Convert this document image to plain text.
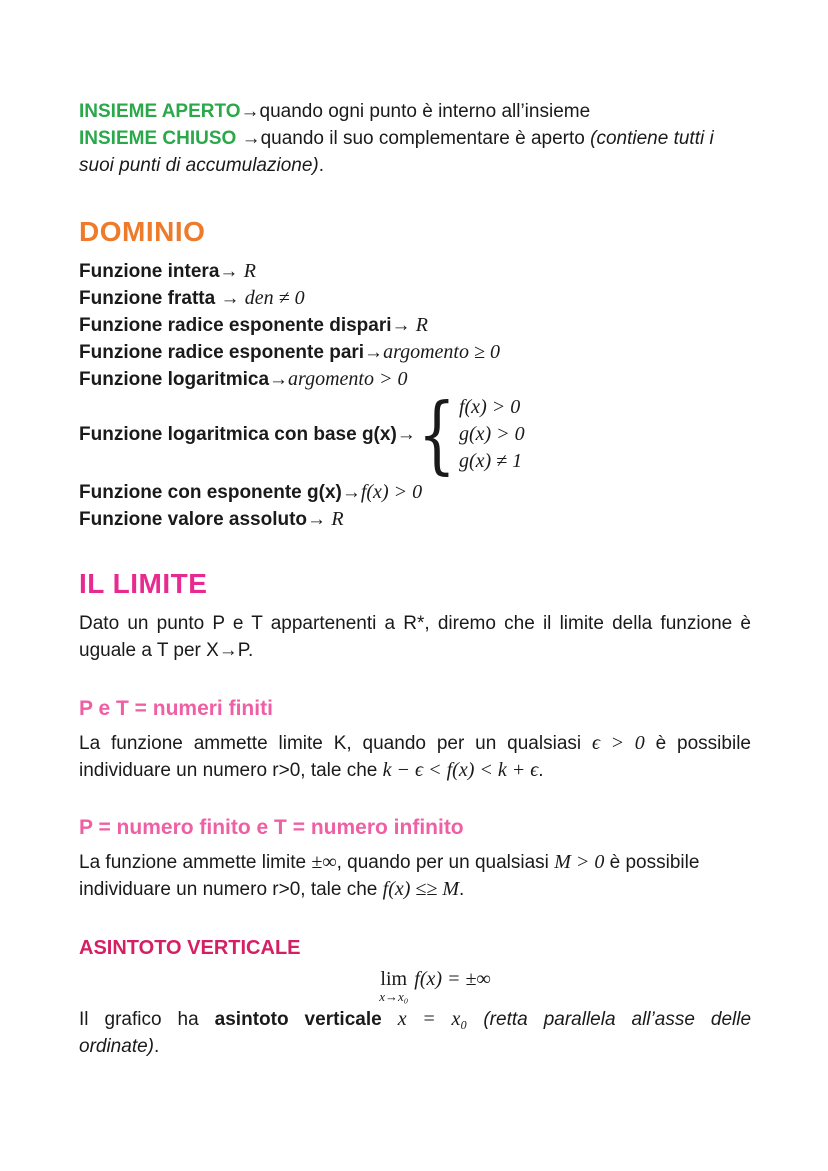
INSIEME APERTO→quando ogni punto è interno all’insieme
INSIEME CHIUSO →quando il suo complementare è aperto (contiene tutti i suoi punti di accumulazione).
DOMINIO
Funzione intera→ R
Funzione fratta → den ≠ 0
Funzione radice esponente dispari→ R
Funzione radice esponente pari→argomento ≥ 0
Funzione logaritmica→argomento > 0
Funzione logaritmica con base g(x)→ { f(x) > 0
g(x) > 0
g(x) ≠ 1
Funzione con esponente g(x)→f(x) > 0
Funzione valore assoluto→ R
IL LIMITE
Dato un punto P e T appartenenti a R*, diremo che il limite della funzione è uguale a T per X→P.
P e T = numeri finiti
La funzione ammette limite K, quando per un qualsiasi ϵ > 0 è possibile individuare un numero r>0, tale che k − ϵ < f(x) < k + ϵ.
P = numero finito e T = numero infinito
La funzione ammette limite ±∞, quando per un qualsiasi M > 0 è possibile individuare un numero r>0, tale che f(x) ≤≥ M.
ASINTOTO VERTICALE
lim
x→x₀
f(x) = ±∞
Il grafico ha asintoto verticale x = x₀ (retta parallela all’asse delle ordinate).
